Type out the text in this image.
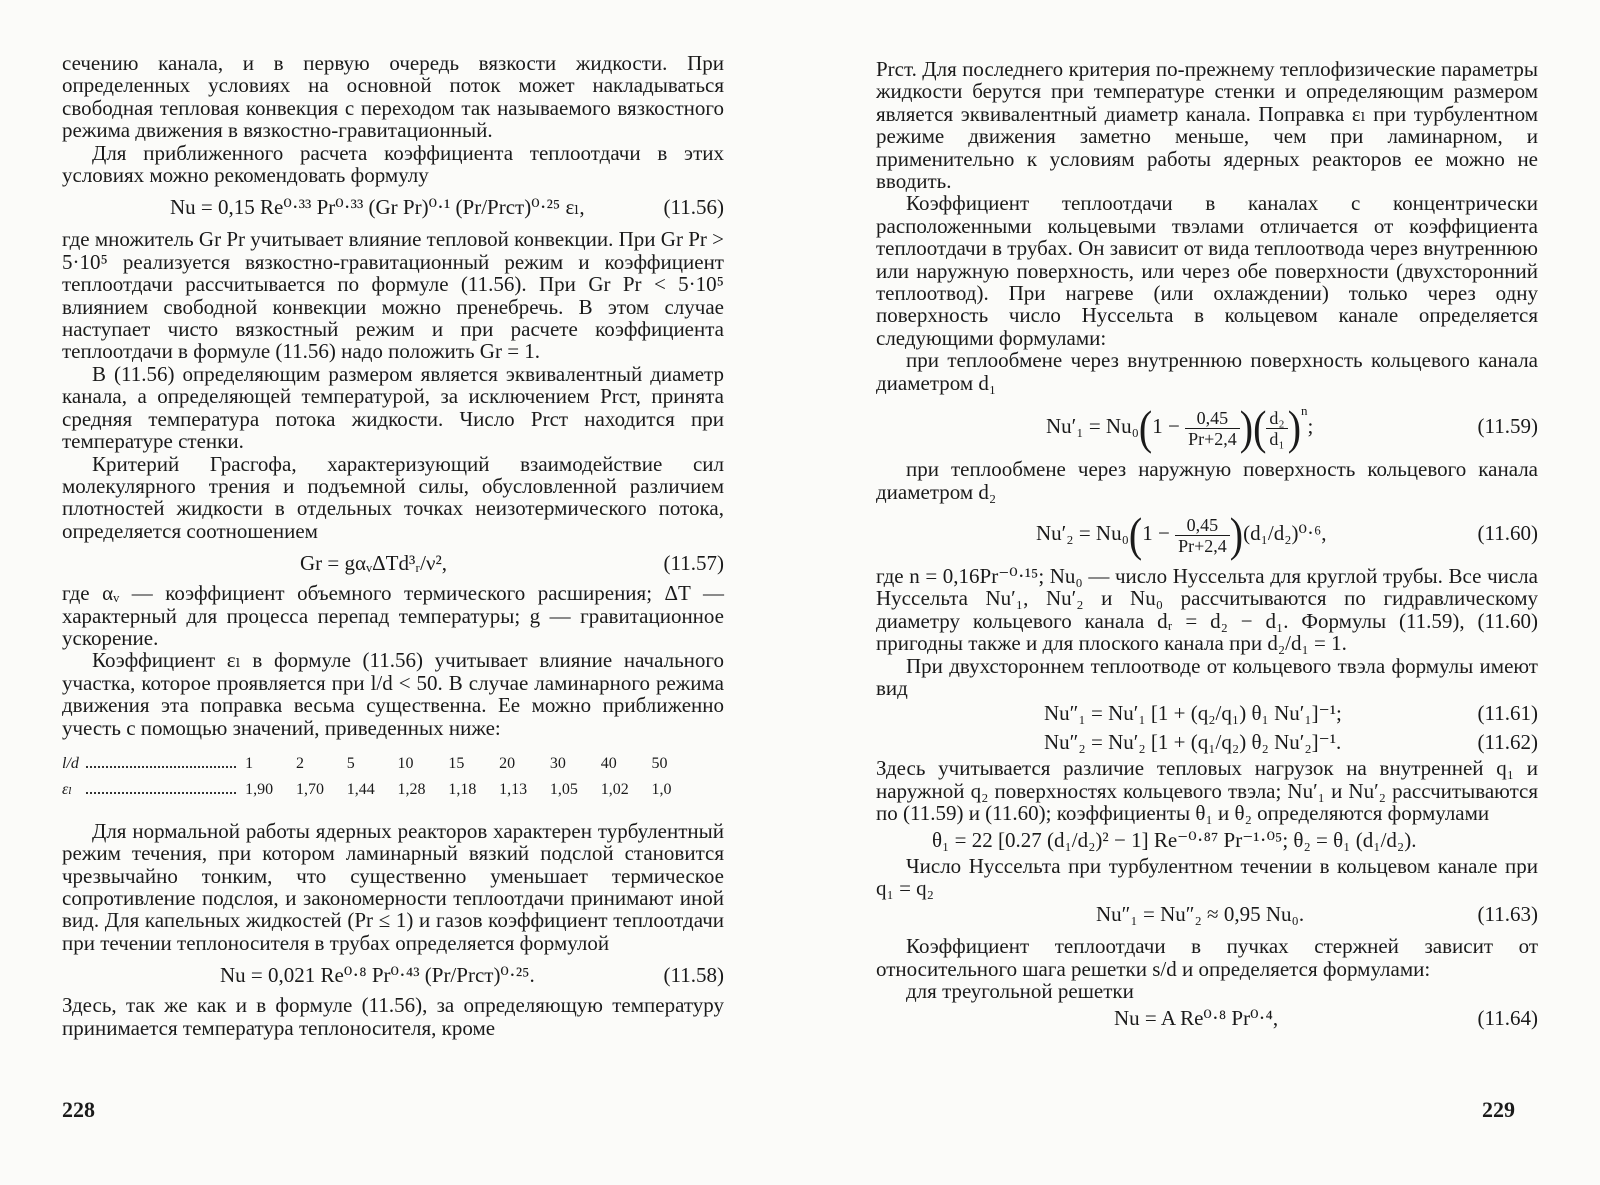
сечению канала, и в первую очередь вязкости жидкости. При определенных условиях на основной поток может накладываться свободная тепловая конвекция с переходом так называемого вязкостного режима движения в вязкостно-гравитационный.

Для приближенного расчета коэффициента теплоотдачи в этих условиях можно рекомендовать формулу

Nu = 0,15 Re⁰·³³ Pr⁰·³³ (Gr Pr)⁰·¹ (Pr/Prст)⁰·²⁵ εₗ,	(11.56)

где множитель Gr Pr учитывает влияние тепловой конвекции. При Gr Pr > 5·10⁵ реализуется вязкостно-гравитационный режим и коэффициент теплоотдачи рассчитывается по формуле (11.56). При Gr Pr < 5·10⁵ влиянием свободной конвекции можно пренебречь. В этом случае наступает чисто вязкостный режим и при расчете коэффициента теплоотдачи в формуле (11.56) надо положить Gr = 1.

В (11.56) определяющим размером является эквивалентный диаметр канала, а определяющей температурой, за исключением Prст, принята средняя температура потока жидкости. Число Prст находится при температуре стенки.

Критерий Грасгофа, характеризующий взаимодействие сил молекулярного трения и подъемной силы, обусловленной различием плотностей жидкости в отдельных точках неизотермического потока, определяется соотношением

Gr = gαᵥΔTd³ᵣ/ν²,	(11.57)

где αᵥ — коэффициент объемного термического расширения; ΔT — характерный для процесса перепад температуры; g — гравитационное ускорение.

Коэффициент εₗ в формуле (11.56) учитывает влияние начального участка, которое проявляется при l/d < 50. В случае ламинарного режима движения эта поправка весьма существенна. Ее можно приближенно учесть с помощью значений, приведенных ниже:

l/d		1	2	5	10	15	20	30	40	50
εₗ		1,90	1,70	1,44	1,28	1,18	1,13	1,05	1,02	1,0

Для нормальной работы ядерных реакторов характерен турбулентный режим течения, при котором ламинарный вязкий подслой становится чрезвычайно тонким, что существенно уменьшает термическое сопротивление подслоя, и закономерности теплоотдачи принимают иной вид. Для капельных жидкостей (Pr ≤ 1) и газов коэффициент теплоотдачи при течении теплоносителя в трубах определяется формулой

Nu = 0,021 Re⁰·⁸ Pr⁰·⁴³ (Pr/Prст)⁰·²⁵.	(11.58)

Здесь, так же как и в формуле (11.56), за определяющую температуру принимается температура теплоносителя, кроме

228

Prст. Для последнего критерия по-прежнему теплофизические параметры жидкости берутся при температуре стенки и определяющим размером является эквивалентный диаметр канала. Поправка εₗ при турбулентном режиме движения заметно меньше, чем при ламинарном, и применительно к условиям работы ядерных реакторов ее можно не вводить.

Коэффициент теплоотдачи в каналах с концентрически расположенными кольцевыми твэлами отличается от коэффициента теплоотдачи в трубах. Он зависит от вида теплоотвода через внутреннюю или наружную поверхность, или через обе поверхности (двухсторонний теплоотвод). При нагреве (или охлаждении) только через одну поверхность число Нуссельта в кольцевом канале определяется следующими формулами:

при теплообмене через внутреннюю поверхность кольцевого канала диаметром d₁

$Nu'_1 = Nu_0(1 - \frac{0,45}{Pr+2,4}$ )( $\frac{\text{d₂}}{\text{d₁}} )^n$;	(11.59)

при теплообмене через наружную поверхность кольцевого канала диаметром d₂

$Nu'_2 = Nu_0(1 - \frac{0,45}{Pr+2,4} )(d_1/d_2)^0\cdot^6$,	(11.60)

где n = 0,16Pr⁻⁰·¹⁵; Nu₀ — число Нуссельта для круглой трубы. Все числа Нуссельта Nu′₁, Nu′₂ и Nu₀ рассчитываются по гидравлическому диаметру кольцевого канала dᵣ = d₂ − d₁. Формулы (11.59), (11.60) пригодны также и для плоского канала при d₂/d₁ = 1.

При двухстороннем теплоотводе от кольцевого твэла формулы имеют вид

Nu″₁ = Nu′₁ [1 + (q₂/q₁) θ₁ Nu′₁]⁻¹;	(11.61)
Nu″₂ = Nu′₂ [1 + (q₁/q₂) θ₂ Nu′₂]⁻¹.	(11.62)

Здесь учитывается различие тепловых нагрузок на внутренней q₁ и наружной q₂ поверхностях кольцевого твэла; Nu′₁ и Nu′₂ рассчитываются по (11.59) и (11.60); коэффициенты θ₁ и θ₂ определяются формулами

θ₁ = 22 [0.27 (d₁/d₂)² − 1] Re⁻⁰·⁸⁷ Pr⁻¹·⁰⁵; θ₂ = θ₁ (d₁/d₂).

Число Нуссельта при турбулентном течении в кольцевом канале при q₁ = q₂

Nu″₁ = Nu″₂ ≈ 0,95 Nu₀.	(11.63)

Коэффициент теплоотдачи в пучках стержней зависит от относительного шага решетки s/d и определяется формулами:

для треугольной решетки

Nu = A Re⁰·⁸ Pr⁰·⁴,	(11.64)
229
